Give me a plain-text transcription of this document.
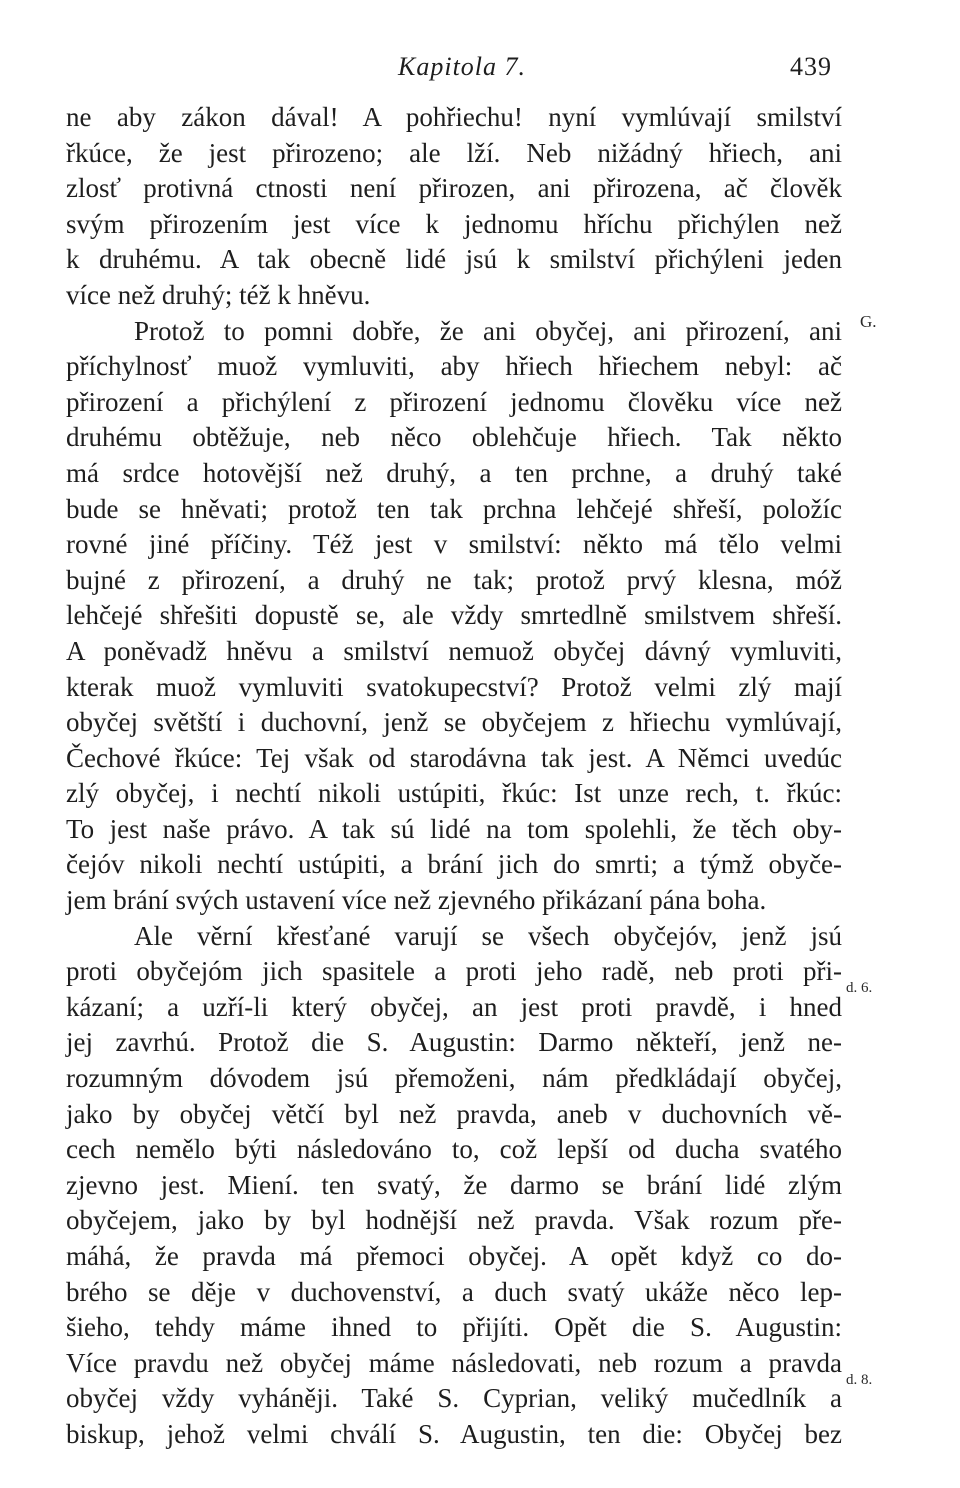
Kapitola 7.	439
ne aby zákon dával! A pohřiechu! nyní vymlúvají smilství
řkúce, že jest přirozeno; ale lží. Neb nižádný hřiech, ani
zlosť protivná ctnosti není přirozen, ani přirozena, ač člověk
svým přirozením jest více k jednomu hříchu přichýlen než
k druhému. A tak obecně lidé jsú k smilství přichýleni jeden
více než druhý; též k hněvu.
Protož to pomni dobře, že ani obyčej, ani přirození, ani
příchylnosť muož vymluviti, aby hřiech hřiechem nebyl: ač
přirození a přichýlení z přirození jednomu člověku více než
druhému obtěžuje, neb něco oblehčuje hřiech. Tak někto
má srdce hotovější než druhý, a ten prchne, a druhý také
bude se hněvati; protož ten tak prchna lehčejé shřeší, položíc
rovné jiné příčiny. Též jest v smilství: někto má tělo velmi
bujné z přirození, a druhý ne tak; protož prvý klesna, móž
lehčejé shřešiti dopustě se, ale vždy smrtedlně smilstvem shřeší.
A poněvadž hněvu a smilství nemuož obyčej dávný vymluviti,
kterak muož vymluviti svatokupecství? Protož velmi zlý mají
obyčej světští i duchovní, jenž se obyčejem z hřiechu vymlúvají,
Čechové řkúce: Tej však od starodávna tak jest. A Němci uvedúc
zlý obyčej, i nechtí nikoli ustúpiti, řkúc: Ist unze rech, t. řkúc:
To jest naše právo. A tak sú lidé na tom spolehli, že těch oby-
čejóv nikoli nechtí ustúpiti, a brání jich do smrti; a týmž obyče-
jem brání svých ustavení více než zjevného přikázaní pána boha.
Ale věrní křesťané varují se všech obyčejóv, jenž jsú
proti obyčejóm jich spasitele a proti jeho radě, neb proti při-
kázaní; a uzří-li který obyčej, an jest proti pravdě, i hned
jej zavrhú. Protož die S. Augustin: Darmo někteří, jenž ne-
rozumným dóvodem jsú přemoženi, nám předkládají obyčej,
jako by obyčej větčí byl než pravda, aneb v duchovních vě-
cech nemělo býti následováno to, což lepší od ducha svatého
zjevno jest. Miení. ten svatý, že darmo se brání lidé zlým
obyčejem, jako by byl hodnější než pravda. Však rozum pře-
máhá, že pravda má přemoci obyčej. A opět když co do-
brého se děje v duchovenství, a duch svatý ukáže něco lep-
šieho, tehdy máme ihned to přijíti. Opět die S. Augustin:
Více pravdu než obyčej máme následovati, neb rozum a pravda
obyčej vždy vyháněji. Také S. Cyprian, veliký mučedlník a
biskup, jehož velmi chválí S. Augustin, ten die: Obyčej bez
G.
d. 6.
d. 8.
